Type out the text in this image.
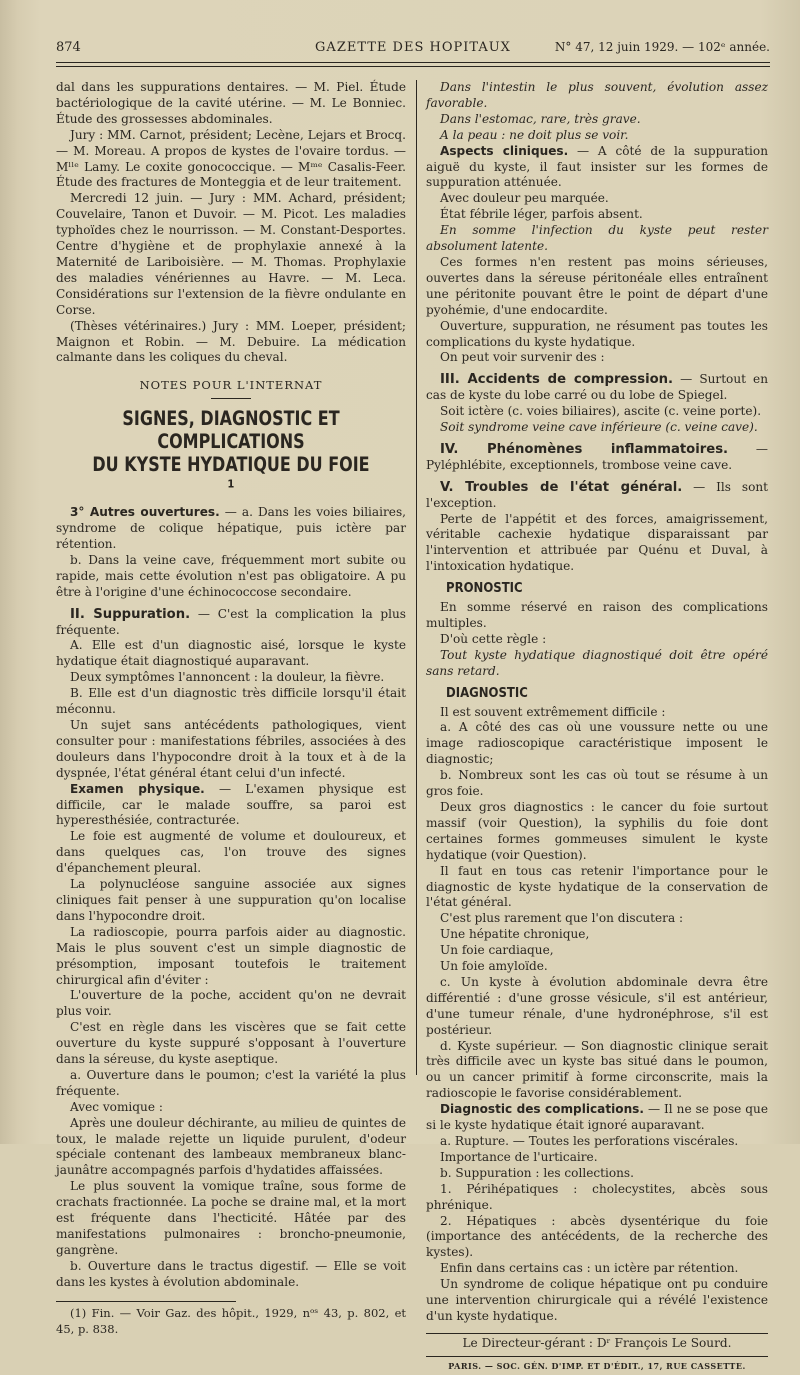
874	GAZETTE DES HOPITAUX	N° 47, 12 juin 1929. — 102ᵉ année.

dal dans les suppurations dentaires. — M. Piel. Étude bactériologique de la cavité utérine. — M. Le Bonniec. Étude des grossesses abdominales.

Jury : MM. Carnot, président; Lecène, Lejars et Brocq. — M. Moreau. A propos de kystes de l'ovaire tordus. — Mˡˡᵉ Lamy. Le coxite gonococcique. — Mᵐᵉ Casalis-Feer. Étude des fractures de Monteggia et de leur traitement.

Mercredi 12 juin. — Jury : MM. Achard, président; Couvelaire, Tanon et Duvoir. — M. Picot. Les maladies typhoïdes chez le nourrisson. — M. Constant-Desportes. Centre d'hygiène et de prophylaxie annexé à la Maternité de Lariboisière. — M. Thomas. Prophylaxie des maladies vénériennes au Havre. — M. Leca. Considérations sur l'extension de la fièvre ondulante en Corse.

(Thèses vétérinaires.) Jury : MM. Loeper, président; Maignon et Robin. — M. Debuire. La médication calmante dans les coliques du cheval.

NOTES POUR L'INTERNAT
SIGNES, DIAGNOSTIC ET COMPLICATIONS
DU KYSTE HYDATIQUE DU FOIE ¹

3° Autres ouvertures. — a. Dans les voies biliaires, syndrome de colique hépatique, puis ictère par rétention.

b. Dans la veine cave, fréquemment mort subite ou rapide, mais cette évolution n'est pas obligatoire. A pu être à l'origine d'une échinococcose secondaire.

II. Suppuration. — C'est la complication la plus fréquente.

A. Elle est d'un diagnostic aisé, lorsque le kyste hydatique était diagnostiqué auparavant.

Deux symptômes l'annoncent : la douleur, la fièvre.

B. Elle est d'un diagnostic très difficile lorsqu'il était méconnu.

Un sujet sans antécédents pathologiques, vient consulter pour : manifestations fébriles, associées à des douleurs dans l'hypocondre droit à la toux et à de la dyspnée, l'état général étant celui d'un infecté.

Examen physique. — L'examen physique est difficile, car le malade souffre, sa paroi est hyperesthésiée, contracturée.

Le foie est augmenté de volume et douloureux, et dans quelques cas, l'on trouve des signes d'épanchement pleural.

La polynucléose sanguine associée aux signes cliniques fait penser à une suppuration qu'on localise dans l'hypocondre droit.

La radioscopie, pourra parfois aider au diagnostic. Mais le plus souvent c'est un simple diagnostic de présomption, imposant toutefois le traitement chirurgical afin d'éviter :

L'ouverture de la poche, accident qu'on ne devrait plus voir.

C'est en règle dans les viscères que se fait cette ouverture du kyste suppuré s'opposant à l'ouverture dans la séreuse, du kyste aseptique.

a. Ouverture dans le poumon; c'est la variété la plus fréquente.

Avec vomique :

Après une douleur déchirante, au milieu de quintes de toux, le malade rejette un liquide purulent, d'odeur spéciale contenant des lambeaux membraneux blanc-jaunâtre accompagnés parfois d'hydatides affaissées.

Le plus souvent la vomique traîne, sous forme de crachats fractionnée. La poche se draine mal, et la mort est fréquente dans l'hecticité. Hâtée par des manifestations pulmonaires : broncho-pneumonie, gangrène.

b. Ouverture dans le tractus digestif. — Elle se voit dans les kystes à évolution abdominale.

(1) Fin. — Voir Gaz. des hôpit., 1929, nᵒˢ 43, p. 802, et 45, p. 838.

Dans l'intestin le plus souvent, évolution assez favorable.

Dans l'estomac, rare, très grave.

A la peau : ne doit plus se voir.

Aspects cliniques. — A côté de la suppuration aiguë du kyste, il faut insister sur les formes de suppuration atténuée.

Avec douleur peu marquée.

État fébrile léger, parfois absent.

En somme l'infection du kyste peut rester absolument latente.

Ces formes n'en restent pas moins sérieuses, ouvertes dans la séreuse péritonéale elles entraînent une péritonite pouvant être le point de départ d'une pyohémie, d'une endocardite.

Ouverture, suppuration, ne résument pas toutes les complications du kyste hydatique.

On peut voir survenir des :

III. Accidents de compression. — Surtout en cas de kyste du lobe carré ou du lobe de Spiegel.

Soit ictère (c. voies biliaires), ascite (c. veine porte).

Soit syndrome veine cave inférieure (c. veine cave).

IV. Phénomènes inflammatoires. — Pyléphlébite, exceptionnels, trombose veine cave.

V. Troubles de l'état général. — Ils sont l'exception.

Perte de l'appétit et des forces, amaigrissement, véritable cachexie hydatique disparaissant par l'intervention et attribuée par Quénu et Duval, à l'intoxication hydatique.

PRONOSTIC

En somme réservé en raison des complications multiples.

D'où cette règle :

Tout kyste hydatique diagnostiqué doit être opéré sans retard.

DIAGNOSTIC

Il est souvent extrêmement difficile :

a. A côté des cas où une voussure nette ou une image radioscopique caractéristique imposent le diagnostic;

b. Nombreux sont les cas où tout se résume à un gros foie.

Deux gros diagnostics : le cancer du foie surtout massif (voir Question), la syphilis du foie dont certaines formes gommeuses simulent le kyste hydatique (voir Question).

Il faut en tous cas retenir l'importance pour le diagnostic de kyste hydatique de la conservation de l'état général.

C'est plus rarement que l'on discutera :

Une hépatite chronique,

Un foie cardiaque,

Un foie amyloïde.

c. Un kyste à évolution abdominale devra être différentié : d'une grosse vésicule, s'il est antérieur, d'une tumeur rénale, d'une hydronéphrose, s'il est postérieur.

d. Kyste supérieur. — Son diagnostic clinique serait très difficile avec un kyste bas situé dans le poumon, ou un cancer primitif à forme circonscrite, mais la radioscopie le favorise considérablement.

Diagnostic des complications. — Il ne se pose que si le kyste hydatique était ignoré auparavant.

a. Rupture. — Toutes les perforations viscérales.

Importance de l'urticaire.

b. Suppuration : les collections.

1. Périhépatiques : cholecystites, abcès sous phrénique.

2. Hépatiques : abcès dysentérique du foie (importance des antécédents, de la recherche des kystes).

Enfin dans certains cas : un ictère par rétention.

Un syndrome de colique hépatique ont pu conduire une intervention chirurgicale qui a révélé l'existence d'un kyste hydatique.

Le Directeur-gérant : Dʳ François Le Sourd.
PARIS. — SOC. GÉN. D'IMP. ET D'ÉDIT., 17, RUE CASSETTE.
